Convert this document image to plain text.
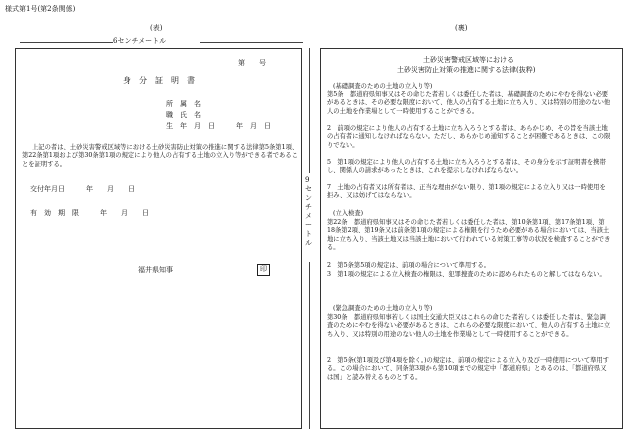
様式第1号(第2条関係)
(表)
6センチメートル
第　　号
身　分　証　明　書
所　属　名
職　氏　名
生　年　月　日　　　年　月　日
上記の者は、土砂災害警戒区域等における土砂災害防止対策の推進に関する法律第5条第1項、第22条第1項および第30条第1項の規定により他人の占有する土地の立入り等ができる者であることを証明する。
交付年月日　　　年　　月　　日
有　効　期　限　　　年　　月　　日
福井県知事	印
9センチメートル
(裏)
土砂災害警戒区域等における
土砂災害防止対策の推進に関する法律(抜粋)
(基礎調査のための土地の立入り等)
第5条　都道府県知事又はその命じた者若しくは委任した者は、基礎調査のためにやむを得ない必要があるときは、その必要な限度において、他人の占有する土地に立ち入り、又は特別の用途のない他人の土地を作業場として一時使用することができる。
2　前項の規定により他人の占有する土地に立ち入ろうとする者は、あらかじめ、その旨を当該土地の占有者に通知しなければならない。ただし、あらかじめ通知することが困難であるときは、この限りでない。
5　第1項の規定により他人の占有する土地に立ち入ろうとする者は、その身分を示す証明書を携帯し、関係人の請求があったときは、これを提示しなければならない。
7　土地の占有者又は所有者は、正当な理由がない限り、第1項の規定による立入り又は一時使用を拒み、又は妨げてはならない。
(立入検査)
第22条　都道府県知事又はその命じた者若しくは委任した者は、第10条第1項、第17条第1項、第18条第2項、第19条又は前条第1項の規定による権限を行うため必要がある場合においては、当該土地に立ち入り、当該土地又は当該土地において行われている対策工事等の状況を検査することができる。
2　第5条第5項の規定は、前項の場合について準用する。
3　第1項の規定による立入検査の権限は、犯罪捜査のために認められたものと解してはならない。
(緊急調査のための土地の立入り等)
第30条　都道府県知事若しくは国土交通大臣又はこれらの命じた者若しくは委任した者は、緊急調査のためにやむを得ない必要があるときは、これらの必要な限度において、他人の占有する土地に立ち入り、又は特別の用途のない他人の土地を作業場として一時使用することができる。
2　第5条(第1項及び第4項を除く。)の規定は、前項の規定による立入り及び一時使用について準用する。この場合において、同条第3項から第10項までの規定中「都道府県」とあるのは、「都道府県又は国」と読み替えるものとする。
